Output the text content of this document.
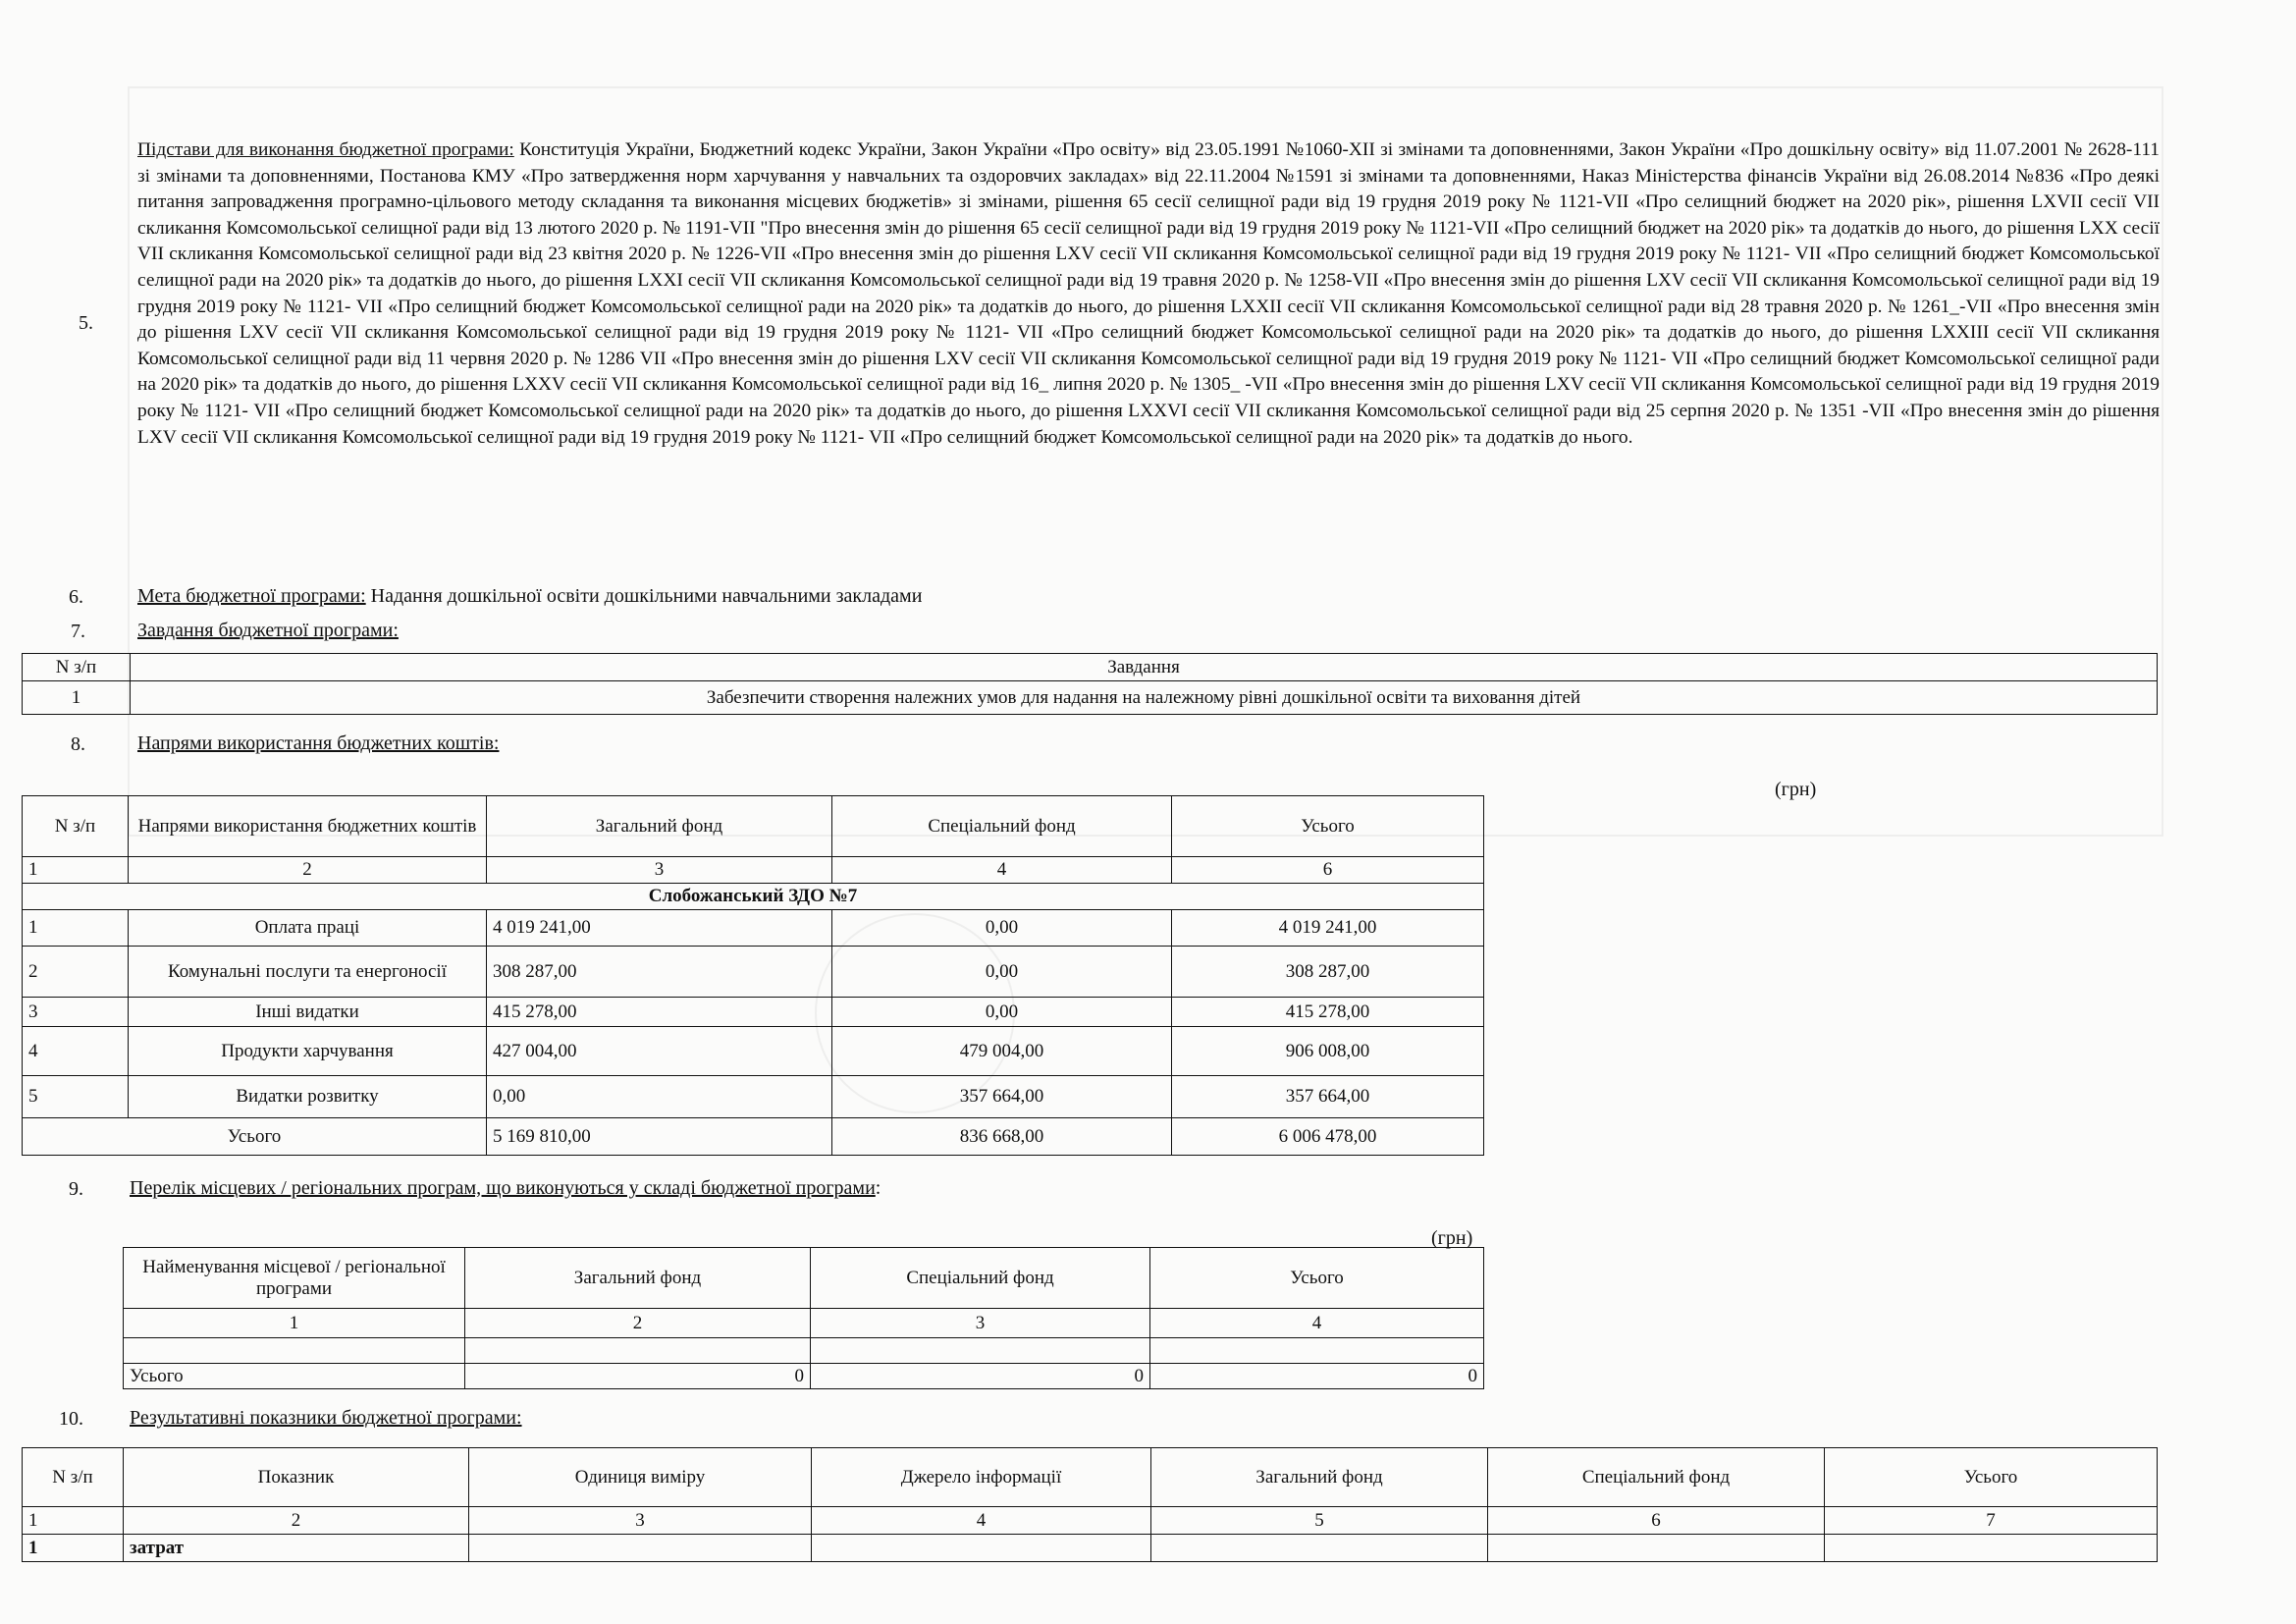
5.
Підстави для виконання бюджетної програми: Конституція України, Бюджетний кодекс України, Закон України «Про освіту» від 23.05.1991 №1060-XII зі змінами та доповненнями, Закон України «Про дошкільну освіту» від 11.07.2001 № 2628-111 зі змінами та доповненнями, Постанова КМУ «Про затвердження норм харчування у навчальних та оздоровчих закладах» від 22.11.2004 №1591 зі змінами та доповненнями, Наказ Міністерства фінансів України від 26.08.2014 №836 «Про деякі питання запровадження програмно-цільового методу складання та виконання місцевих бюджетів» зі змінами, рішення 65 сесії селищної ради від 19 грудня 2019 року № 1121-VII «Про селищний бюджет на 2020 рік», рішення LXVII сесії VII скликання Комсомольської селищної ради від 13 лютого 2020 р. № 1191-VII "Про внесення змін до рішення 65 сесії селищної ради від 19 грудня 2019 року № 1121-VII «Про селищний бюджет на 2020 рік» та додатків до нього, до рішення LXX сесії VII скликання Комсомольської селищної ради від 23 квітня 2020 р. № 1226-VII «Про внесення змін до рішення LXV сесії VII скликання Комсомольської селищної ради від 19 грудня 2019 року № 1121- VII «Про селищний бюджет Комсомольської селищної ради на 2020 рік» та додатків до нього, до рішення LXXI сесії VII скликання Комсомольської селищної ради від 19 травня 2020 р. № 1258-VII «Про внесення змін до рішення LXV сесії VII скликання Комсомольської селищної ради від 19 грудня 2019 року № 1121- VII «Про селищний бюджет Комсомольської селищної ради на 2020 рік» та додатків до нього, до рішення LXXII сесії VII скликання Комсомольської селищної ради від 28 травня 2020 р. № 1261_-VII «Про внесення змін до рішення LXV сесії VII скликання Комсомольської селищної ради від 19 грудня 2019 року № 1121- VII «Про селищний бюджет Комсомольської селищної ради на 2020 рік» та додатків до нього, до рішення LXXIII сесії VII скликання Комсомольської селищної ради від 11 червня 2020 р. № 1286 VII «Про внесення змін до рішення LXV сесії VII скликання Комсомольської селищної ради від 19 грудня 2019 року № 1121- VII «Про селищний бюджет Комсомольської селищної ради на 2020 рік» та додатків до нього, до рішення LXXV сесії VII скликання Комсомольської селищної ради від 16_ липня 2020 р. № 1305_ -VII «Про внесення змін до рішення LXV сесії VII скликання Комсомольської селищної ради від 19 грудня 2019 року № 1121- VII «Про селищний бюджет Комсомольської селищної ради на 2020 рік» та додатків до нього, до рішення LXXVI сесії VII скликання Комсомольської селищної ради від 25 серпня 2020 р. № 1351 -VII «Про внесення змін до рішення LXV сесії VII скликання Комсомольської селищної ради від 19 грудня 2019 року № 1121- VII «Про селищний бюджет Комсомольської селищної ради на 2020 рік» та додатків до нього.
6.	Мета бюджетної програми: Надання дошкільної освіти дошкільними навчальними закладами
7.	Завдання бюджетної програми:
N з/п	Завдання
1	Забезпечити створення належних умов для надання на належному рівні дошкільної освіти та виховання дітей
8.	Напрями використання бюджетних коштів:
(грн)
N з/п	Напрями використання бюджетних коштів	Загальний фонд	Спеціальний фонд	Усього
1	2	3	4	6
Слобожанський ЗДО №7				
1	Оплата праці	4 019 241,00	0,00	4 019 241,00
2	Комунальні послуги та енергоносії	308 287,00	0,00	308 287,00
3	Інші видатки	415 278,00	0,00	415 278,00
4	Продукти харчування	427 004,00	479 004,00	906 008,00
5	Видатки розвитку	0,00	357 664,00	357 664,00
Усього		5 169 810,00	836 668,00	6 006 478,00
9. Перелік місцевих / регіональних програм, що виконуються у складі бюджетної програми:
(грн)
Найменування місцевої / регіональної програми	Загальний фонд	Спеціальний фонд	Усього
1	2	3	4

Усього	0	0	0
10. Результативні показники бюджетної програми:
N з/п	Показник	Одиниця виміру	Джерело інформації	Загальний фонд	Спеціальний фонд	Усього
1	2	3	4	5	6	7
1	затрат					
